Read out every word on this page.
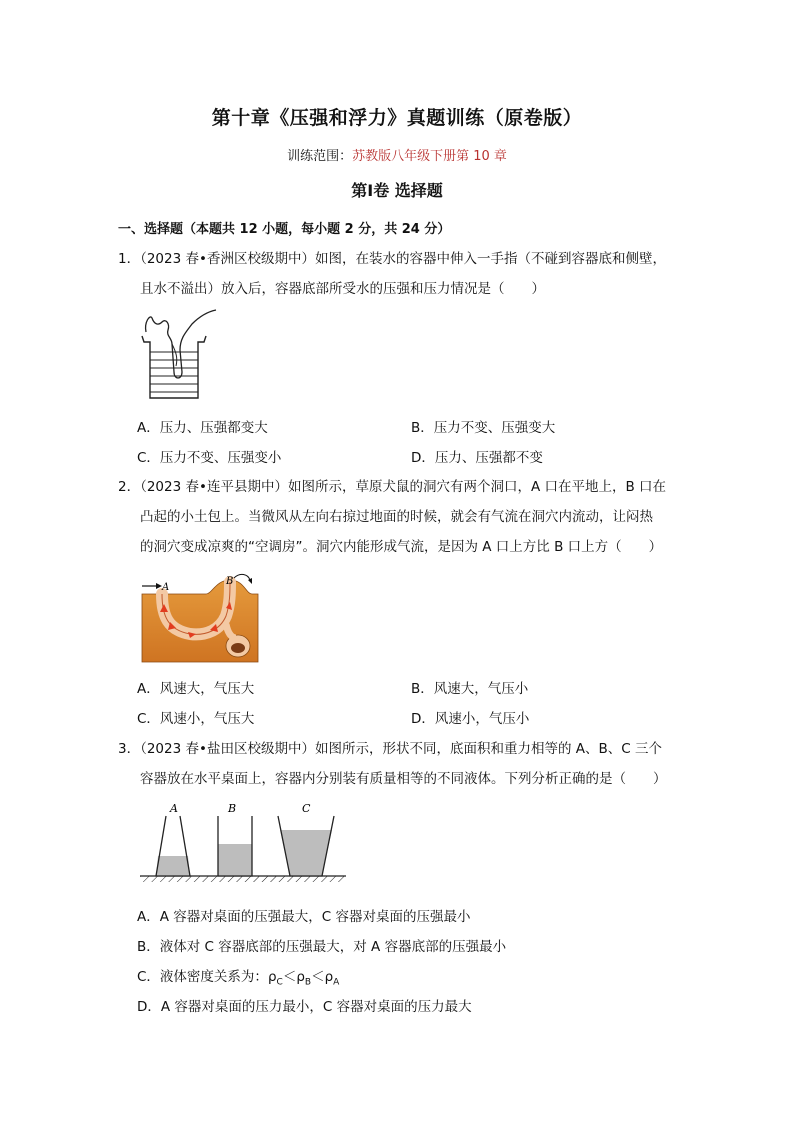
第十章《压强和浮力》真题训练（原卷版）
训练范围：苏教版八年级下册第 10 章
第Ⅰ卷 选择题
一、选择题（本题共 12 小题，每小题 2 分，共 24 分）
1．（2023 春•香洲区校级期中）如图，在装水的容器中伸入一手指（不碰到容器底和侧壁，
且水不溢出）放入后，容器底部所受水的压强和压力情况是（　　）
A．压力、压强都变大	B．压力不变、压强变大
C．压力不变、压强变小	D．压力、压强都不变
2．（2023 春•连平县期中）如图所示，草原犬鼠的洞穴有两个洞口，A 口在平地上，B 口在
凸起的小土包上。当微风从左向右掠过地面的时候，就会有气流在洞穴内流动，让闷热
的洞穴变成凉爽的“空调房”。洞穴内能形成气流，是因为 A 口上方比 B 口上方（　　）
A
B
A．风速大，气压大	B．风速大，气压小
C．风速小，气压大	D．风速小，气压小
3．（2023 春•盐田区校级期中）如图所示，形状不同，底面积和重力相等的 A、B、C 三个
容器放在水平桌面上，容器内分别装有质量相等的不同液体。下列分析正确的是（　　）
A	B	C
A．A 容器对桌面的压强最大，C 容器对桌面的压强最小
B．液体对 C 容器底部的压强最大，对 A 容器底部的压强最小
C．液体密度关系为：$\rho_C<\rho_B<\rho_A$
D．A 容器对桌面的压力最小，C 容器对桌面的压力最大
